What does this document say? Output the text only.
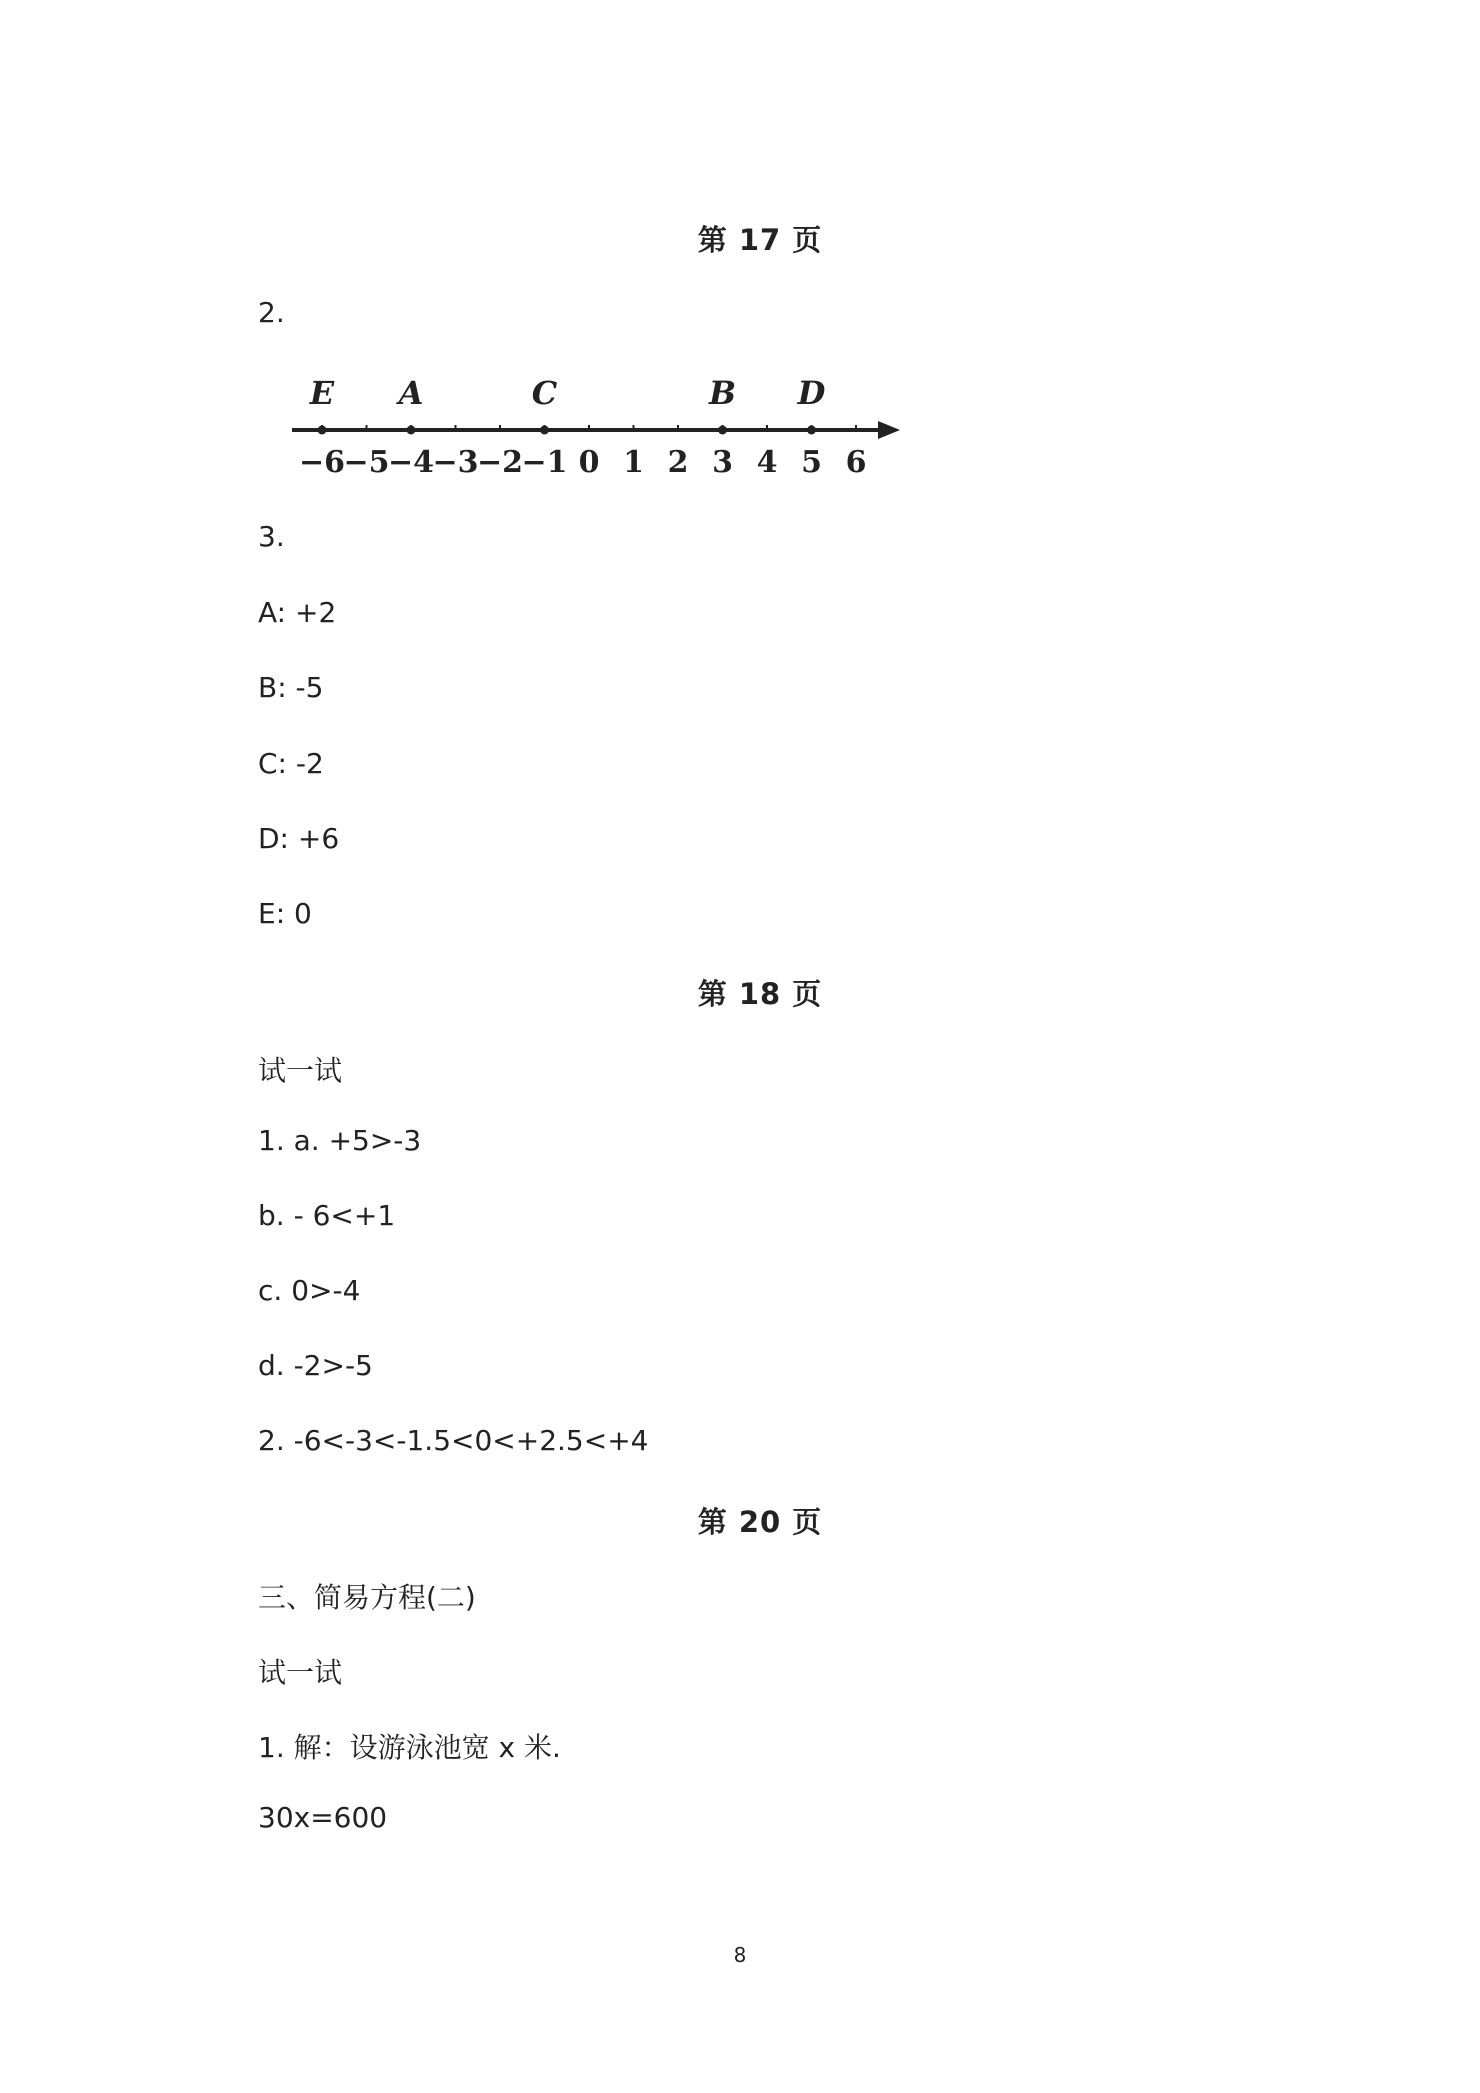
第 17 页
2.
−6
−5
−4
−3
−2
−1 0 1 2 3 4 5 6
E A	C	B D
3.
A: +2
B: -5
C: -2
D: +6
E: 0
第 18 页
试一试
1. a. +5>-3
b. - 6<+1
c. 0>-4
d. -2>-5
2. -6<-3<-1.5<0<+2.5<+4
第 20 页
三、简易方程(二)
试一试
1. 解：设游泳池宽 x 米.
30x=600
8
